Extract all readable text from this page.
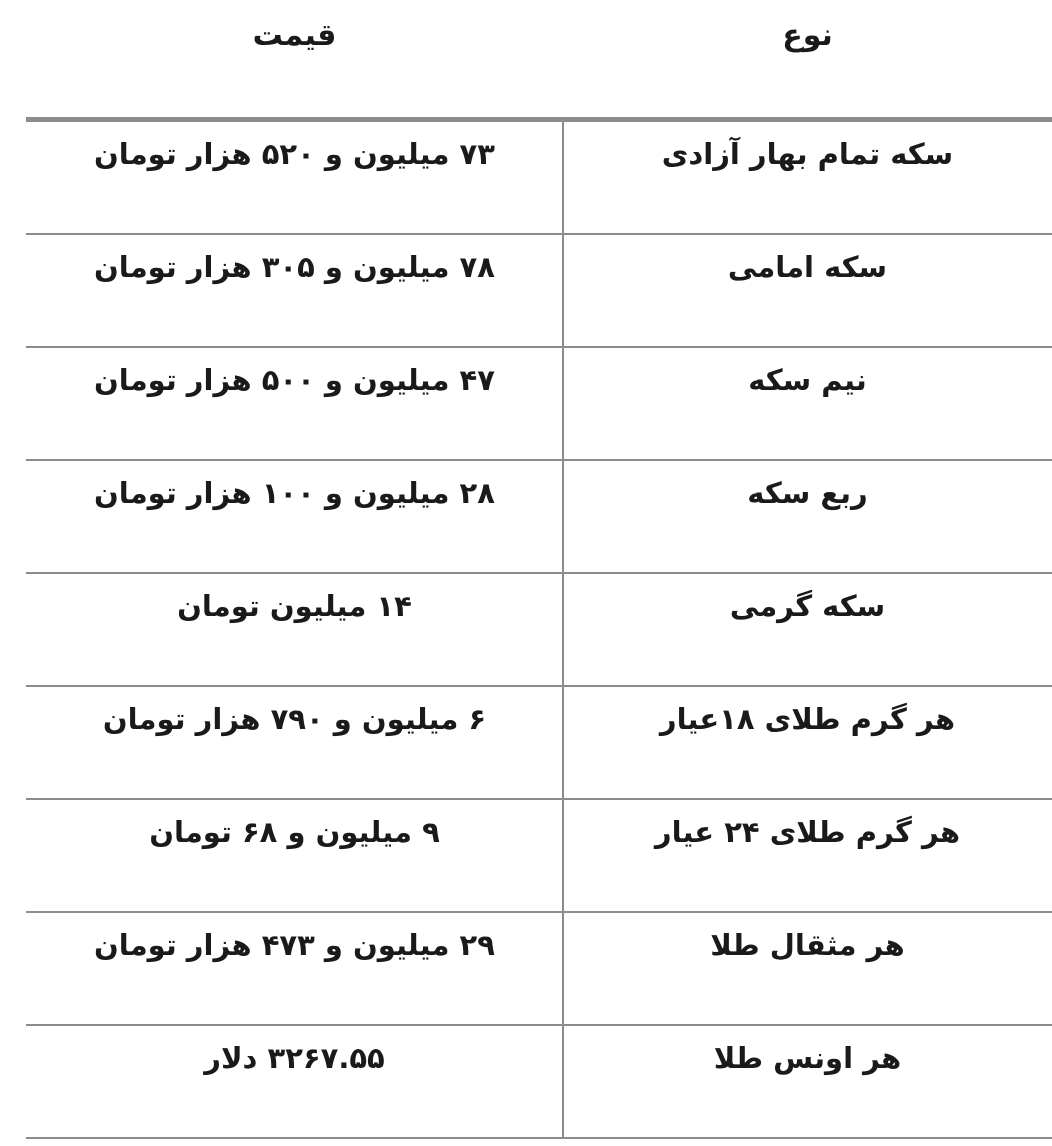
قیمت	نوع
۷۳ میلیون و ۵۲۰ هزار تومان	سکه تمام بهار آزادی
۷۸ میلیون و ۳۰۵ هزار تومان	سکه امامی
۴۷ میلیون و ۵۰۰ هزار تومان	نیم سکه
۲۸ میلیون و ۱۰۰ هزار تومان	ربع سکه
۱۴ میلیون تومان	سکه گرمی
۶ میلیون و ۷۹۰ هزار تومان	هر گرم طلای ۱۸عیار
۹ میلیون و ۶۸ تومان	هر گرم طلای ۲۴ عیار
۲۹ میلیون و ۴۷۳ هزار تومان	هر مثقال طلا
۳۲۶۷.۵۵ دلار	هر اونس طلا
